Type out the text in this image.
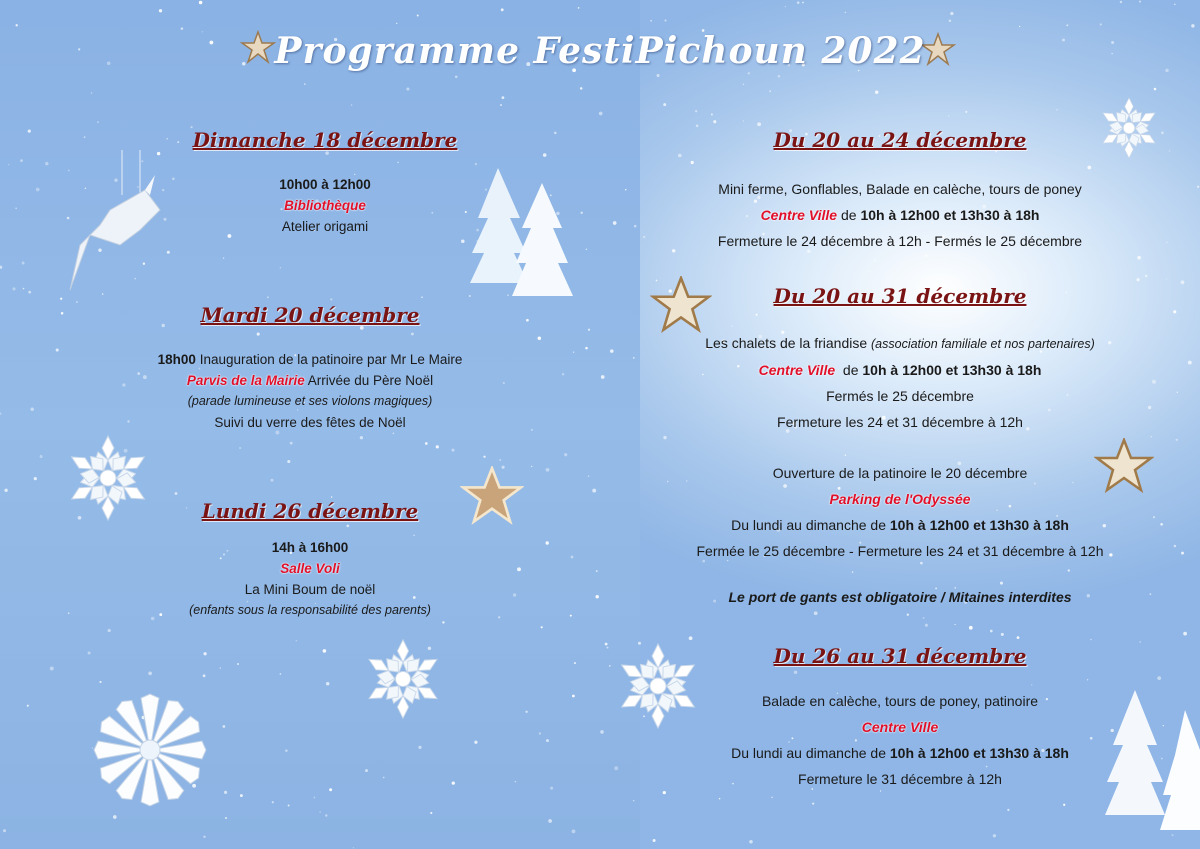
Programme FestiPichoun 2022
Dimanche 18 décembre
10h00 à 12h00
Bibliothèque
Atelier origami
Mardi 20 décembre
18h00 Inauguration de la patinoire par Mr Le Maire
Parvis de la Mairie Arrivée du Père Noël
(parade lumineuse et ses violons magiques)
Suivi du verre des fêtes de Noël
Lundi 26 décembre
14h à 16h00
Salle Voli
La Mini Boum de noël
(enfants sous la responsabilité des parents)
Du 20 au 24 décembre
Mini ferme, Gonflables, Balade en calèche, tours de poney
Centre Ville de 10h à 12h00 et 13h30 à 18h
Fermeture le 24 décembre à 12h - Fermés le 25 décembre
Du 20 au 31 décembre
Les chalets de la friandise (association familiale et nos partenaires)
Centre Ville de 10h à 12h00 et 13h30 à 18h
Fermés le 25 décembre
Fermeture les 24 et 31 décembre à 12h
Ouverture de la patinoire le 20 décembre
Parking de l'Odyssée
Du lundi au dimanche de 10h à 12h00 et 13h30 à 18h
Fermée le 25 décembre - Fermeture les 24 et 31 décembre à 12h
Le port de gants est obligatoire / Mitaines interdites
Du 26 au 31 décembre
Balade en calèche, tours de poney, patinoire
Centre Ville
Du lundi au dimanche de 10h à 12h00 et 13h30 à 18h
Fermeture le 31 décembre à 12h
